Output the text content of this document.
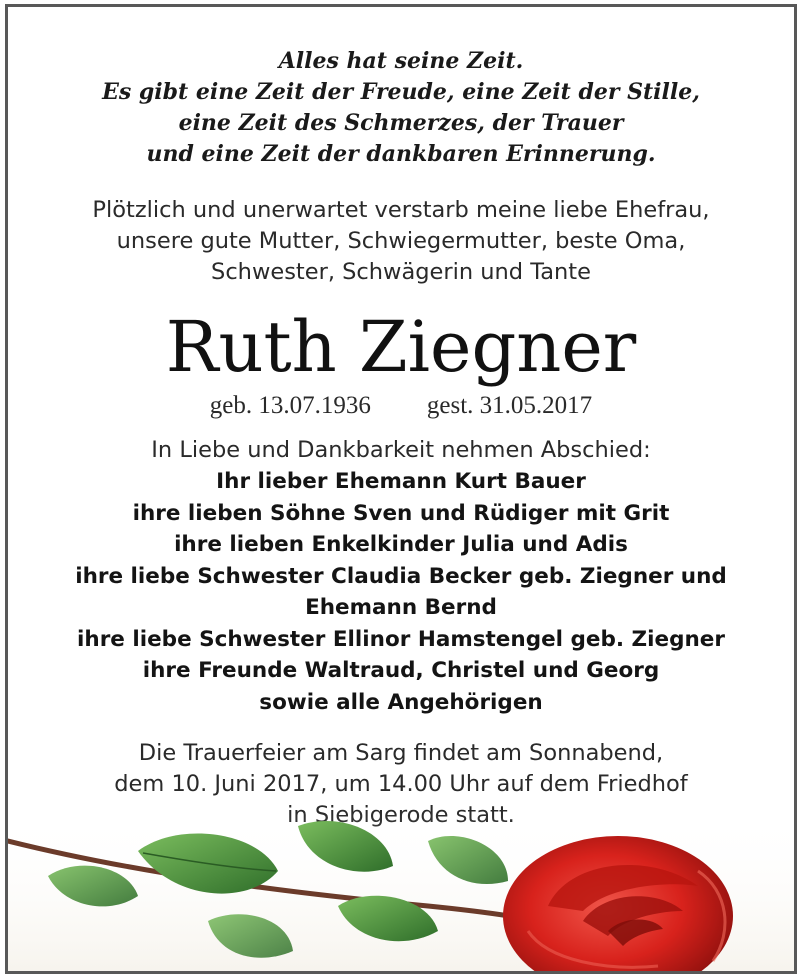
Alles hat seine Zeit.
Es gibt eine Zeit der Freude, eine Zeit der Stille,
eine Zeit des Schmerzes, der Trauer
und eine Zeit der dankbaren Erinnerung.
Plötzlich und unerwartet verstarb meine liebe Ehefrau,
unsere gute Mutter, Schwiegermutter, beste Oma,
Schwester, Schwägerin und Tante
Ruth Ziegner
geb. 13.07.1936 gest. 31.05.2017
In Liebe und Dankbarkeit nehmen Abschied:
Ihr lieber Ehemann Kurt Bauer
ihre lieben Söhne Sven und Rüdiger mit Grit
ihre lieben Enkelkinder Julia und Adis
ihre liebe Schwester Claudia Becker geb. Ziegner und
Ehemann Bernd
ihre liebe Schwester Ellinor Hamstengel geb. Ziegner
ihre Freunde Waltraud, Christel und Georg
sowie alle Angehörigen
Die Trauerfeier am Sarg findet am Sonnabend,
dem 10. Juni 2017, um 14.00 Uhr auf dem Friedhof
